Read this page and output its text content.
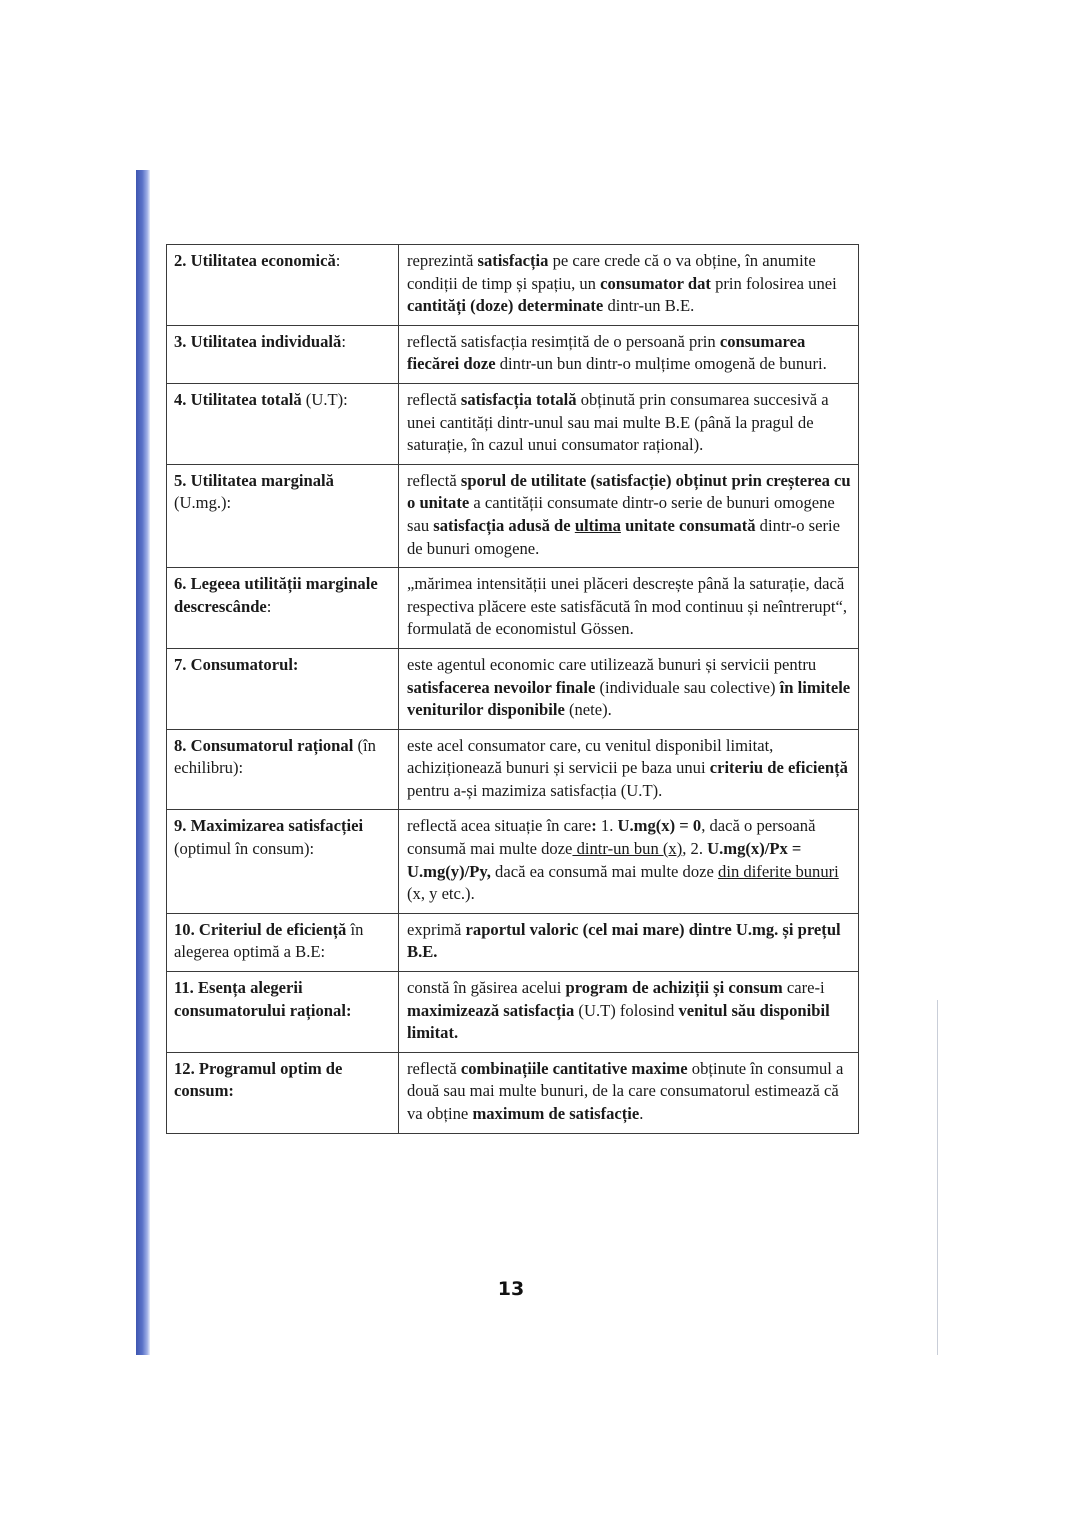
2. Utilitatea economică:	reprezintă satisfacția pe care crede că o va obține, în anumite condiții de timp și spațiu, un consumator dat prin folosirea unei cantități (doze) determinate dintr-un B.E.
3. Utilitatea individuală:	reflectă satisfacția resimțită de o persoană prin consumarea fiecărei doze dintr-un bun dintr-o mulțime omogenă de bunuri.
4. Utilitatea totală (U.T):	reflectă satisfacția totală obținută prin consumarea succesivă a unei cantități dintr-unul sau mai multe B.E (până la pragul de saturație, în cazul unui consumator rațional).
5. Utilitatea marginală (U.mg.):	reflectă sporul de utilitate (satisfacție) obținut prin creșterea cu o unitate a cantității consumate dintr-o serie de bunuri omogene sau satisfacția adusă de ultima unitate consumată dintr-o serie de bunuri omogene.
6. Legeea utilității marginale descrescânde:	„mărimea intensității unei plăceri descrește până la saturație, dacă respectiva plăcere este satisfăcută în mod continuu și neîntrerupt“, formulată de economistul Gössen.
7. Consumatorul:	este agentul economic care utilizează bunuri și servicii pentru satisfacerea nevoilor finale (individuale sau colective) în limitele veniturilor disponibile (nete).
8. Consumatorul rațional (în echilibru):	este acel consumator care, cu venitul disponibil limitat, achiziționează bunuri și servicii pe baza unui criteriu de eficiență pentru a-și mazimiza satisfacția (U.T).
9. Maximizarea satisfacției (optimul în consum):	reflectă acea situație în care: 1. U.mg(x) = 0, dacă o persoană consumă mai multe doze dintr-un bun (x), 2. U.mg(x)/Px = U.mg(y)/Py, dacă ea consumă mai multe doze din diferite bunuri (x, y etc.).
10. Criteriul de eficiență în alegerea optimă a B.E:	exprimă raportul valoric (cel mai mare) dintre U.mg. și prețul B.E.
11. Esența alegerii consumatorului rațional:	constă în găsirea acelui program de achiziții și consum care-i maximizează satisfacția (U.T) folosind venitul său disponibil limitat.
12. Programul optim de consum:	reflectă combinațiile cantitative maxime obținute în consumul a două sau mai multe bunuri, de la care consumatorul estimează că va obține maximum de satisfacție.
13
